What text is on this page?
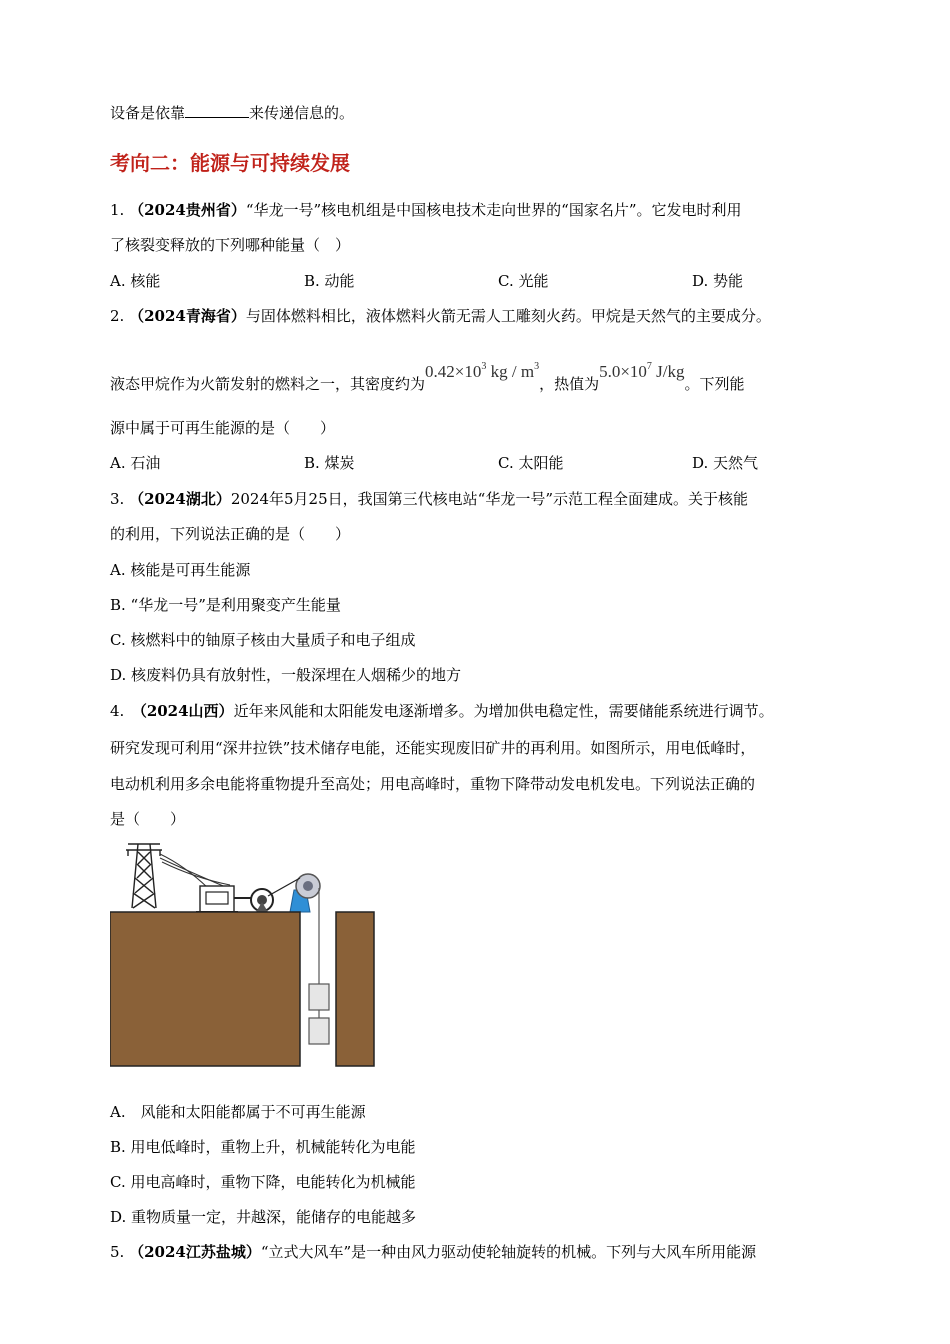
设备是依靠	来传递信息的。
考向二：能源与可持续发展
1. （2024贵州省）“华龙一号”核电机组是中国核电技术走向世界的“国家名片”。它发电时利用
了核裂变释放的下列哪种能量（　）
A. 核能	B. 动能	C. 光能	D. 势能
2. （2024青海省）与固体燃料相比，液体燃料火箭无需人工雕刻火药。甲烷是天然气的主要成分。
液态甲烷作为火箭发射的燃料之一，其密度约为$0.42\times 10^3$ kg / $m^3$，热值为$5.0\times 10^7$ J/kg。下列能
源中属于可再生能源的是（　　）
A. 石油	B. 煤炭	C. 太阳能	D. 天然气
3. （2024湖北）2024年5月25日，我国第三代核电站“华龙一号”示范工程全面建成。关于核能
的利用，下列说法正确的是（　　）
A. 核能是可再生能源
B. “华龙一号”是利用聚变产生能量
C. 核燃料中的铀原子核由大量质子和电子组成
D. 核废料仍具有放射性，一般深埋在人烟稀少的地方
4.　（2024山西）近年来风能和太阳能发电逐渐增多。为增加供电稳定性，需要储能系统进行调节。
研究发现可利用“深井拉铁”技术储存电能，还能实现废旧矿井的再利用。如图所示，用电低峰时，
电动机利用多余电能将重物提升至高处；用电高峰时，重物下降带动发电机发电。下列说法正确的
是（　　）
A.　风能和太阳能都属于不可再生能源
B. 用电低峰时，重物上升，机械能转化为电能
C. 用电高峰时，重物下降，电能转化为机械能
D. 重物质量一定，井越深，能储存的电能越多
5. （2024江苏盐城）“立式大风车”是一种由风力驱动使轮轴旋转的机械。下列与大风车所用能源
